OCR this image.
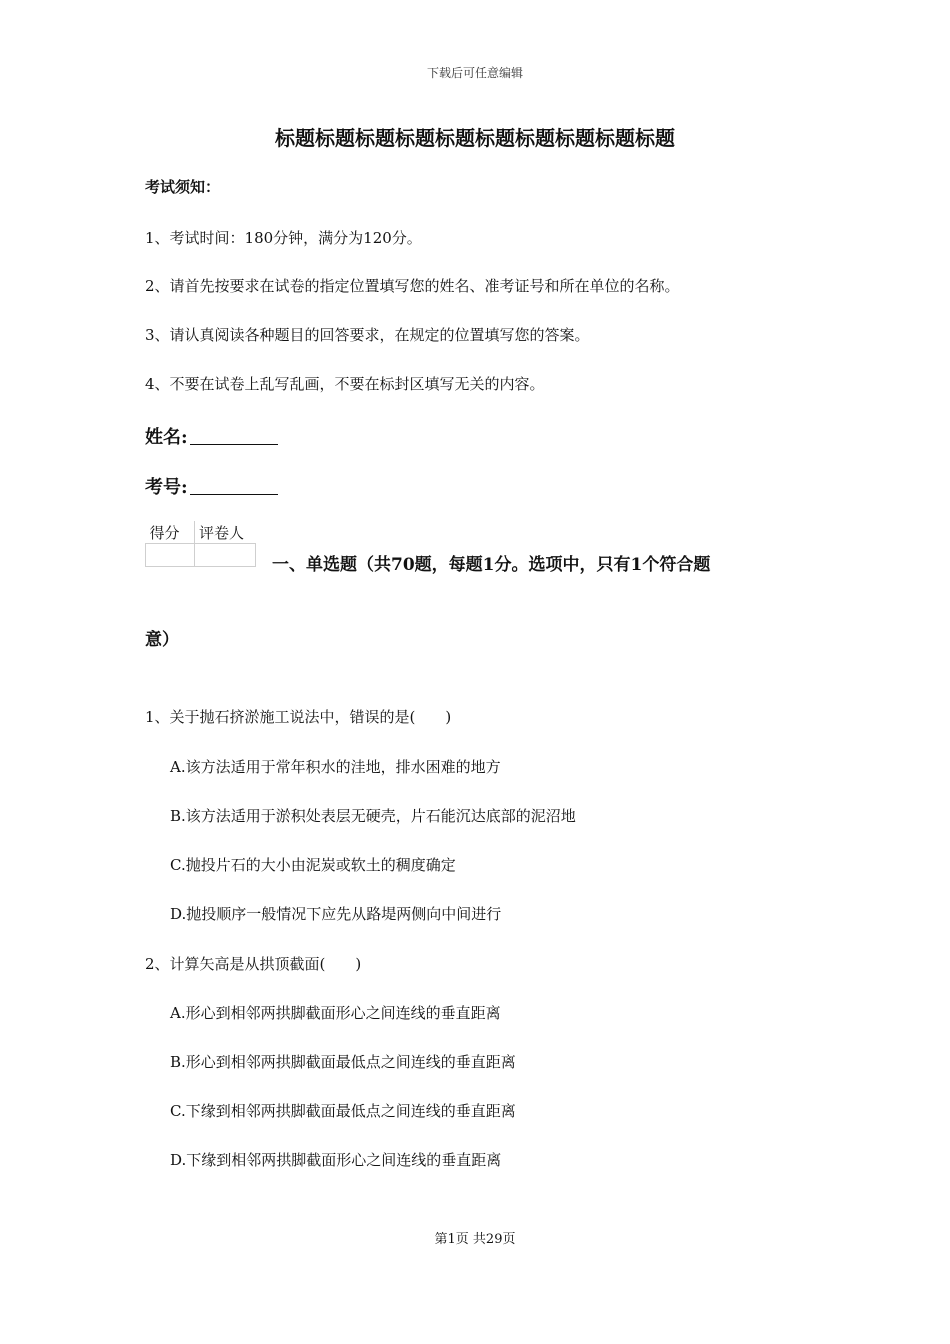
下载后可任意编辑
标题标题标题标题标题标题标题标题标题标题
考试须知：
1、考试时间：180分钟，满分为120分。
2、请首先按要求在试卷的指定位置填写您的姓名、准考证号和所在单位的名称。
3、请认真阅读各种题目的回答要求，在规定的位置填写您的答案。
4、不要在试卷上乱写乱画，不要在标封区填写无关的内容。
姓名:
考号:
得分	评卷人

一、单选题（共70题，每题1分。选项中，只有1个符合题
意）
1、关于抛石挤淤施工说法中，错误的是(　　)
A.该方法适用于常年积水的洼地，排水困难的地方
B.该方法适用于淤积处表层无硬壳，片石能沉达底部的泥沼地
C.抛投片石的大小由泥炭或软土的稠度确定
D.抛投顺序一般情况下应先从路堤两侧向中间进行
2、计算矢高是从拱顶截面(　　)
A.形心到相邻两拱脚截面形心之间连线的垂直距离
B.形心到相邻两拱脚截面最低点之间连线的垂直距离
C.下缘到相邻两拱脚截面最低点之间连线的垂直距离
D.下缘到相邻两拱脚截面形心之间连线的垂直距离
第1页 共29页
